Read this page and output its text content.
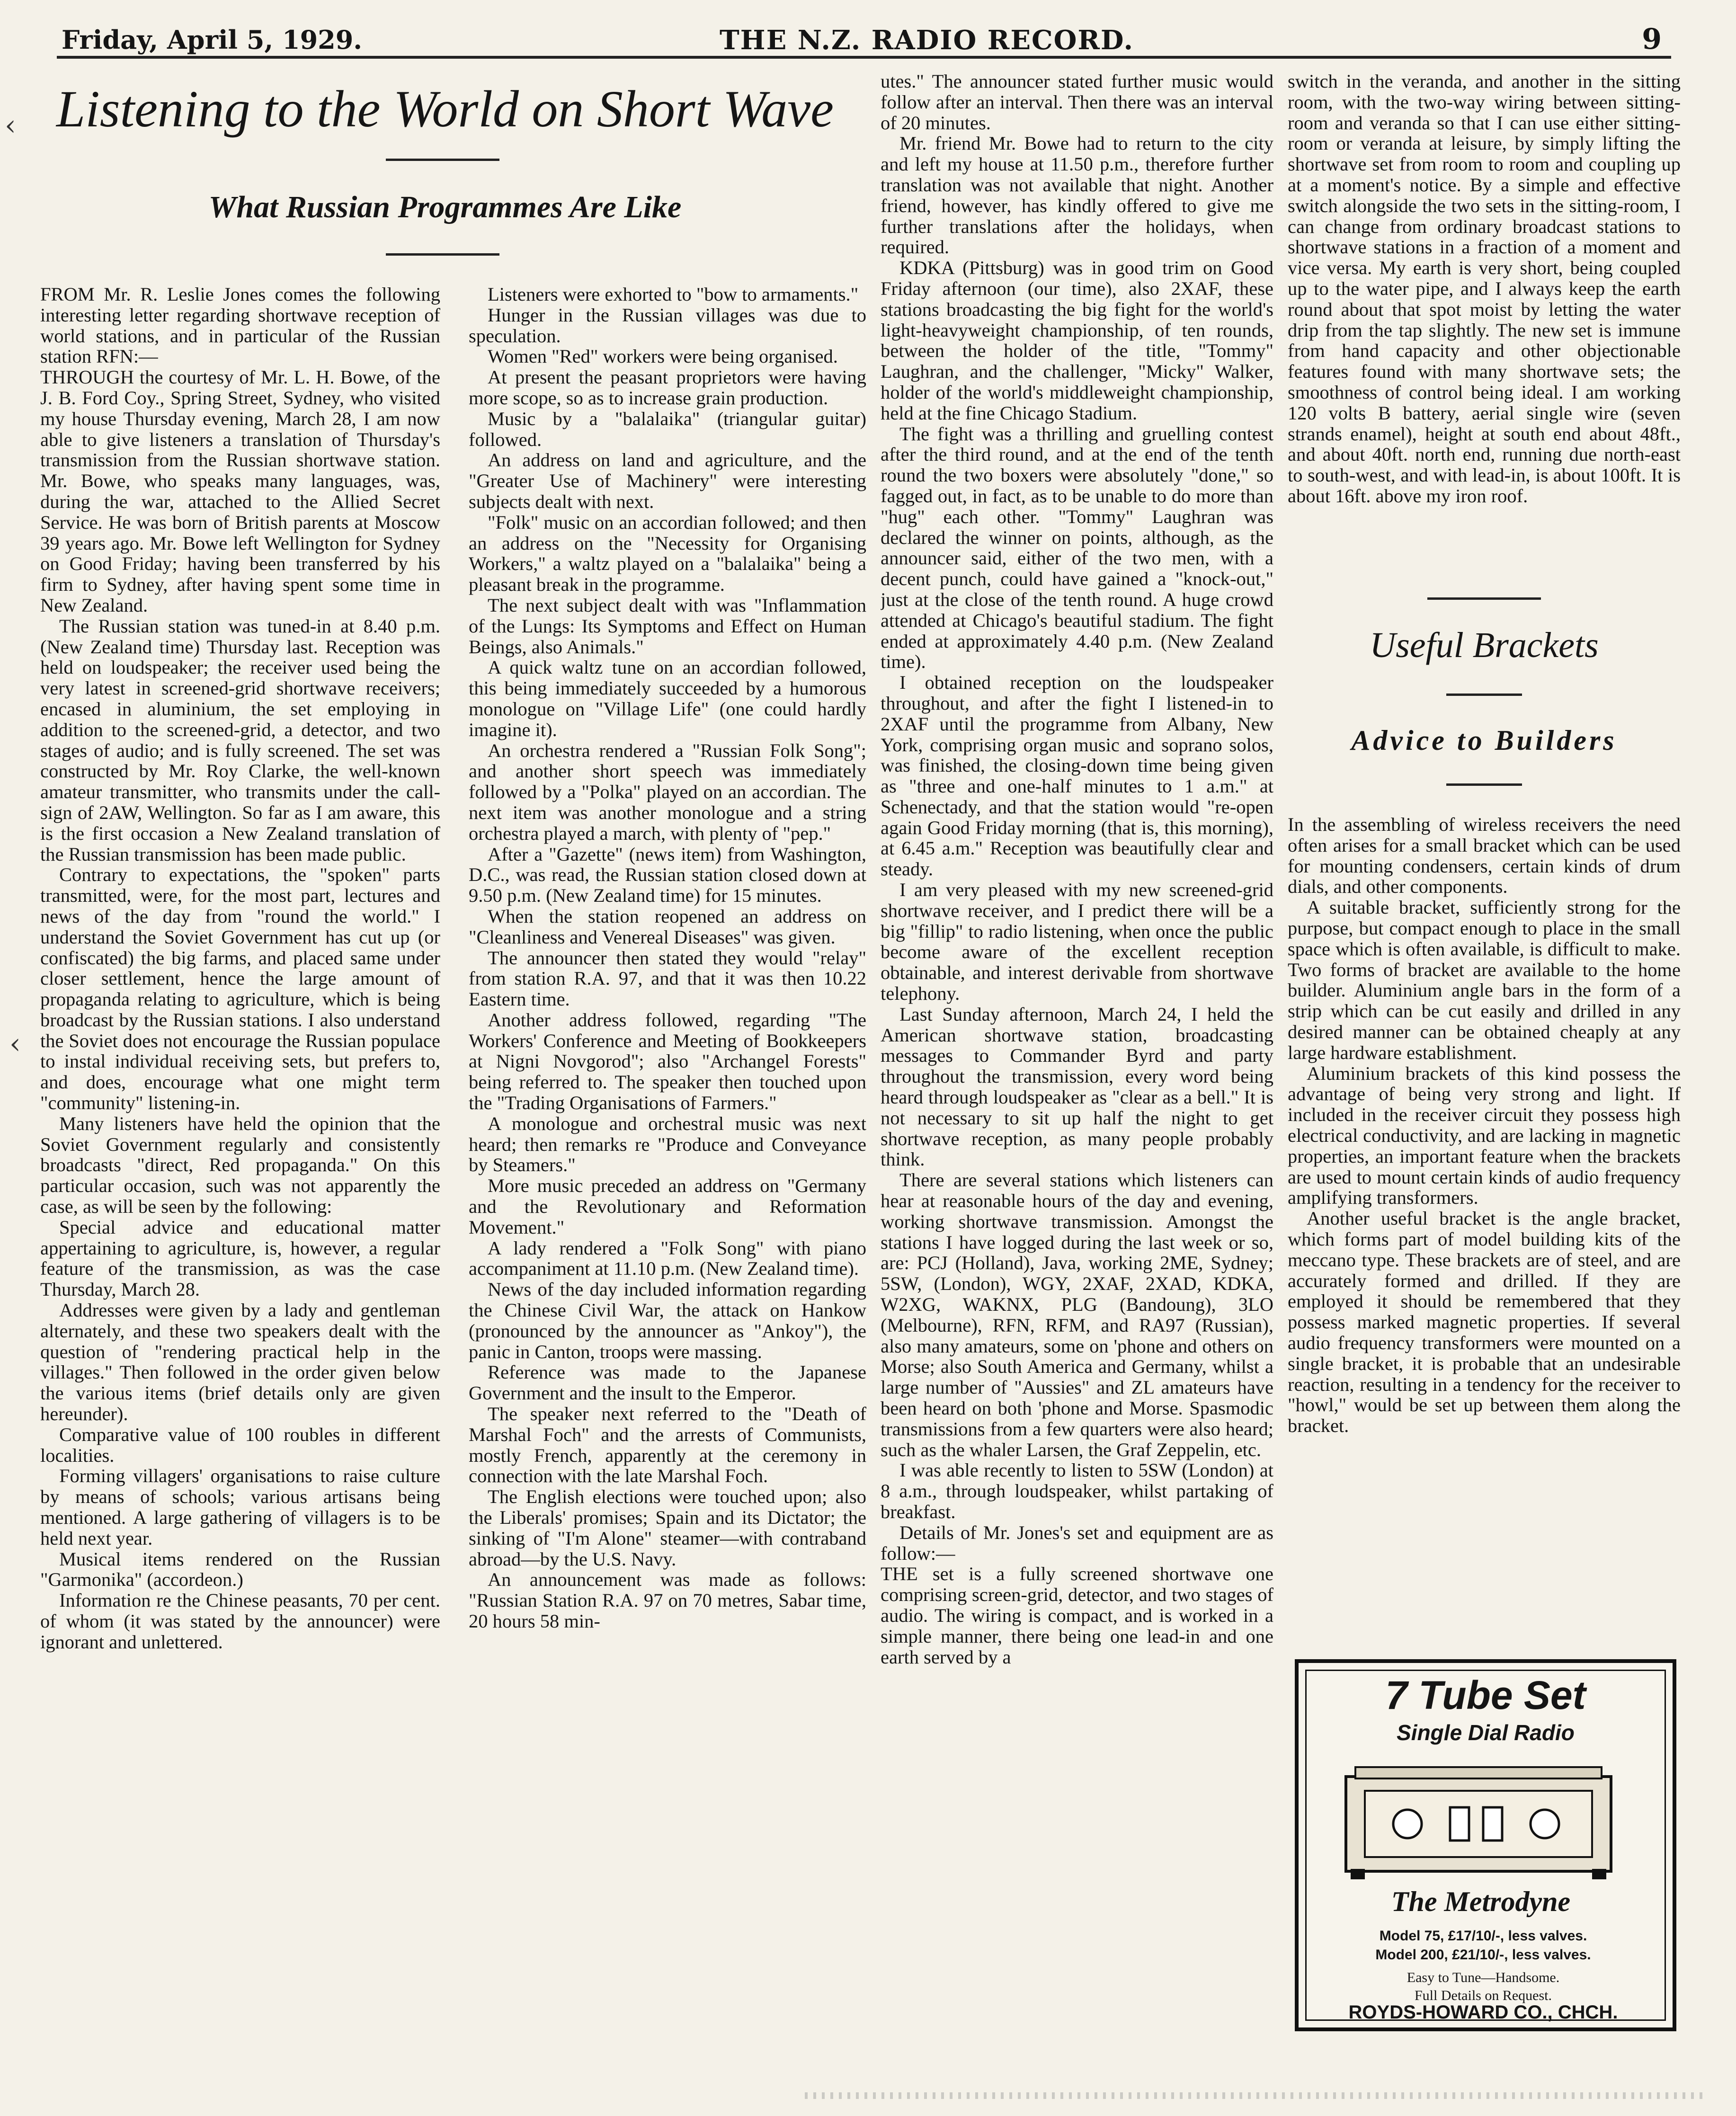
Friday, April 5, 1929.	THE N.Z. RADIO RECORD.	9
Listening to the World on Short Wave
What Russian Programmes Are Like

FROM Mr. R. Leslie Jones comes the following interesting letter regarding shortwave reception of world stations, and in particular of the Russian station RFN:—

THROUGH the courtesy of Mr. L. H. Bowe, of the J. B. Ford Coy., Spring Street, Sydney, who visited my house Thursday evening, March 28, I am now able to give listeners a translation of Thursday's transmission from the Russian shortwave station. Mr. Bowe, who speaks many languages, was, during the war, attached to the Allied Secret Service. He was born of British parents at Moscow 39 years ago. Mr. Bowe left Wellington for Sydney on Good Friday; having been transferred by his firm to Sydney, after having spent some time in New Zealand.

The Russian station was tuned-in at 8.40 p.m. (New Zealand time) Thursday last. Reception was held on loudspeaker; the receiver used being the very latest in screened-grid shortwave receivers; encased in aluminium, the set employing in addition to the screened-grid, a detector, and two stages of audio; and is fully screened. The set was constructed by Mr. Roy Clarke, the well-known amateur transmitter, who transmits under the call-sign of 2AW, Wellington. So far as I am aware, this is the first occasion a New Zealand translation of the Russian transmission has been made public.

Contrary to expectations, the "spoken" parts transmitted, were, for the most part, lectures and news of the day from "round the world." I understand the Soviet Government has cut up (or confiscated) the big farms, and placed same under closer settlement, hence the large amount of propaganda relating to agriculture, which is being broadcast by the Russian stations. I also understand the Soviet does not encourage the Russian populace to instal individual receiving sets, but prefers to, and does, encourage what one might term "community" listening-in.

Many listeners have held the opinion that the Soviet Government regularly and consistently broadcasts "direct, Red propaganda." On this particular occasion, such was not apparently the case, as will be seen by the following:

Special advice and educational matter appertaining to agriculture, is, however, a regular feature of the transmission, as was the case Thursday, March 28.

Addresses were given by a lady and gentleman alternately, and these two speakers dealt with the question of "rendering practical help in the villages." Then followed in the order given below the various items (brief details only are given hereunder).

Comparative value of 100 roubles in different localities.

Forming villagers' organisations to raise culture by means of schools; various artisans being mentioned. A large gathering of villagers is to be held next year.

Musical items rendered on the Russian "Garmonika" (accordeon.)

Information re the Chinese peasants, 70 per cent. of whom (it was stated by the announcer) were ignorant and unlettered.

Listeners were exhorted to "bow to armaments."

Hunger in the Russian villages was due to speculation.

Women "Red" workers were being organised.

At present the peasant proprietors were having more scope, so as to increase grain production.

Music by a "balalaika" (triangular guitar) followed.

An address on land and agriculture, and the "Greater Use of Machinery" were interesting subjects dealt with next.

"Folk" music on an accordian followed; and then an address on the "Necessity for Organising Workers," a waltz played on a "balalaika" being a pleasant break in the programme.

The next subject dealt with was "Inflammation of the Lungs: Its Symptoms and Effect on Human Beings, also Animals."

A quick waltz tune on an accordian followed, this being immediately succeeded by a humorous monologue on "Village Life" (one could hardly imagine it).

An orchestra rendered a "Russian Folk Song"; and another short speech was immediately followed by a "Polka" played on an accordian. The next item was another monologue and a string orchestra played a march, with plenty of "pep."

After a "Gazette" (news item) from Washington, D.C., was read, the Russian station closed down at 9.50 p.m. (New Zealand time) for 15 minutes.

When the station reopened an address on "Cleanliness and Venereal Diseases" was given.

The announcer then stated they would "relay" from station R.A. 97, and that it was then 10.22 Eastern time.

Another address followed, regarding "The Workers' Conference and Meeting of Bookkeepers at Nigni Novgorod"; also "Archangel Forests" being referred to. The speaker then touched upon the "Trading Organisations of Farmers."

A monologue and orchestral music was next heard; then remarks re "Produce and Conveyance by Steamers."

More music preceded an address on "Germany and the Revolutionary and Reformation Movement."

A lady rendered a "Folk Song" with piano accompaniment at 11.10 p.m. (New Zealand time).

News of the day included information regarding the Chinese Civil War, the attack on Hankow (pronounced by the announcer as "Ankoy"), the panic in Canton, troops were massing.

Reference was made to the Japanese Government and the insult to the Emperor.

The speaker next referred to the "Death of Marshal Foch" and the arrests of Communists, mostly French, apparently at the ceremony in connection with the late Marshal Foch.

The English elections were touched upon; also the Liberals' promises; Spain and its Dictator; the sinking of "I'm Alone" steamer—with contraband abroad—by the U.S. Navy.

An announcement was made as follows: "Russian Station R.A. 97 on 70 metres, Sabar time, 20 hours 58 min-

utes." The announcer stated further music would follow after an interval. Then there was an interval of 20 minutes.

Mr. friend Mr. Bowe had to return to the city and left my house at 11.50 p.m., therefore further translation was not available that night. Another friend, however, has kindly offered to give me further translations after the holidays, when required.

KDKA (Pittsburg) was in good trim on Good Friday afternoon (our time), also 2XAF, these stations broadcasting the big fight for the world's light-heavyweight championship, of ten rounds, between the holder of the title, "Tommy" Laughran, and the challenger, "Micky" Walker, holder of the world's middleweight championship, held at the fine Chicago Stadium.

The fight was a thrilling and gruelling contest after the third round, and at the end of the tenth round the two boxers were absolutely "done," so fagged out, in fact, as to be unable to do more than "hug" each other. "Tommy" Laughran was declared the winner on points, although, as the announcer said, either of the two men, with a decent punch, could have gained a "knock-out," just at the close of the tenth round. A huge crowd attended at Chicago's beautiful stadium. The fight ended at approximately 4.40 p.m. (New Zealand time).

I obtained reception on the loudspeaker throughout, and after the fight I listened-in to 2XAF until the programme from Albany, New York, comprising organ music and soprano solos, was finished, the closing-down time being given as "three and one-half minutes to 1 a.m." at Schenectady, and that the station would "re-open again Good Friday morning (that is, this morning), at 6.45 a.m." Reception was beautifully clear and steady.

I am very pleased with my new screened-grid shortwave receiver, and I predict there will be a big "fillip" to radio listening, when once the public become aware of the excellent reception obtainable, and interest derivable from shortwave telephony.

Last Sunday afternoon, March 24, I held the American shortwave station, broadcasting messages to Commander Byrd and party throughout the transmission, every word being heard through loudspeaker as "clear as a bell." It is not necessary to sit up half the night to get shortwave reception, as many people probably think.

There are several stations which listeners can hear at reasonable hours of the day and evening, working shortwave transmission. Amongst the stations I have logged during the last week or so, are: PCJ (Holland), Java, working 2ME, Sydney; 5SW, (London), WGY, 2XAF, 2XAD, KDKA, W2XG, WAKNX, PLG (Bandoung), 3LO (Melbourne), RFN, RFM, and RA97 (Russian), also many amateurs, some on 'phone and others on Morse; also South America and Germany, whilst a large number of "Aussies" and ZL amateurs have been heard on both 'phone and Morse. Spasmodic transmissions from a few quarters were also heard; such as the whaler Larsen, the Graf Zeppelin, etc.

I was able recently to listen to 5SW (London) at 8 a.m., through loudspeaker, whilst partaking of breakfast.

Details of Mr. Jones's set and equipment are as follow:—

THE set is a fully screened shortwave one comprising screen-grid, detector, and two stages of audio. The wiring is compact, and is worked in a simple manner, there being one lead-in and one earth served by a

switch in the veranda, and another in the sitting room, with the two-way wiring between sitting-room and veranda so that I can use either sitting-room or veranda at leisure, by simply lifting the shortwave set from room to room and coupling up at a moment's notice. By a simple and effective switch alongside the two sets in the sitting-room, I can change from ordinary broadcast stations to shortwave stations in a fraction of a moment and vice versa. My earth is very short, being coupled up to the water pipe, and I always keep the earth round about that spot moist by letting the water drip from the tap slightly. The new set is immune from hand capacity and other objectionable features found with many shortwave sets; the smoothness of control being ideal. I am working 120 volts B battery, aerial single wire (seven strands enamel), height at south end about 48ft., and about 40ft. north end, running due north-east to south-west, and with lead-in, is about 100ft. It is about 16ft. above my iron roof.

Useful Brackets
Advice to Builders

In the assembling of wireless receivers the need often arises for a small bracket which can be used for mounting condensers, certain kinds of drum dials, and other components.

A suitable bracket, sufficiently strong for the purpose, but compact enough to place in the small space which is often available, is difficult to make. Two forms of bracket are available to the home builder. Aluminium angle bars in the form of a strip which can be cut easily and drilled in any desired manner can be obtained cheaply at any large hardware establishment.

Aluminium brackets of this kind possess the advantage of being very strong and light. If included in the receiver circuit they possess high electrical conductivity, and are lacking in magnetic properties, an important feature when the brackets are used to mount certain kinds of audio frequency amplifying transformers.

Another useful bracket is the angle bracket, which forms part of model building kits of the meccano type. These brackets are of steel, and are accurately formed and drilled. If they are employed it should be remembered that they possess marked magnetic properties. If several audio frequency transformers were mounted on a single bracket, it is probable that an undesirable reaction, resulting in a tendency for the receiver to "howl," would be set up between them along the bracket.

7 Tube Set
Single Dial Radio
The Metrodyne
Model 75, £17/10/-, less valves.
Model 200, £21/10/-, less valves.
Easy to Tune—Handsome.
Full Details on Request.
ROYDS-HOWARD CO., CHCH.
‹
‹
